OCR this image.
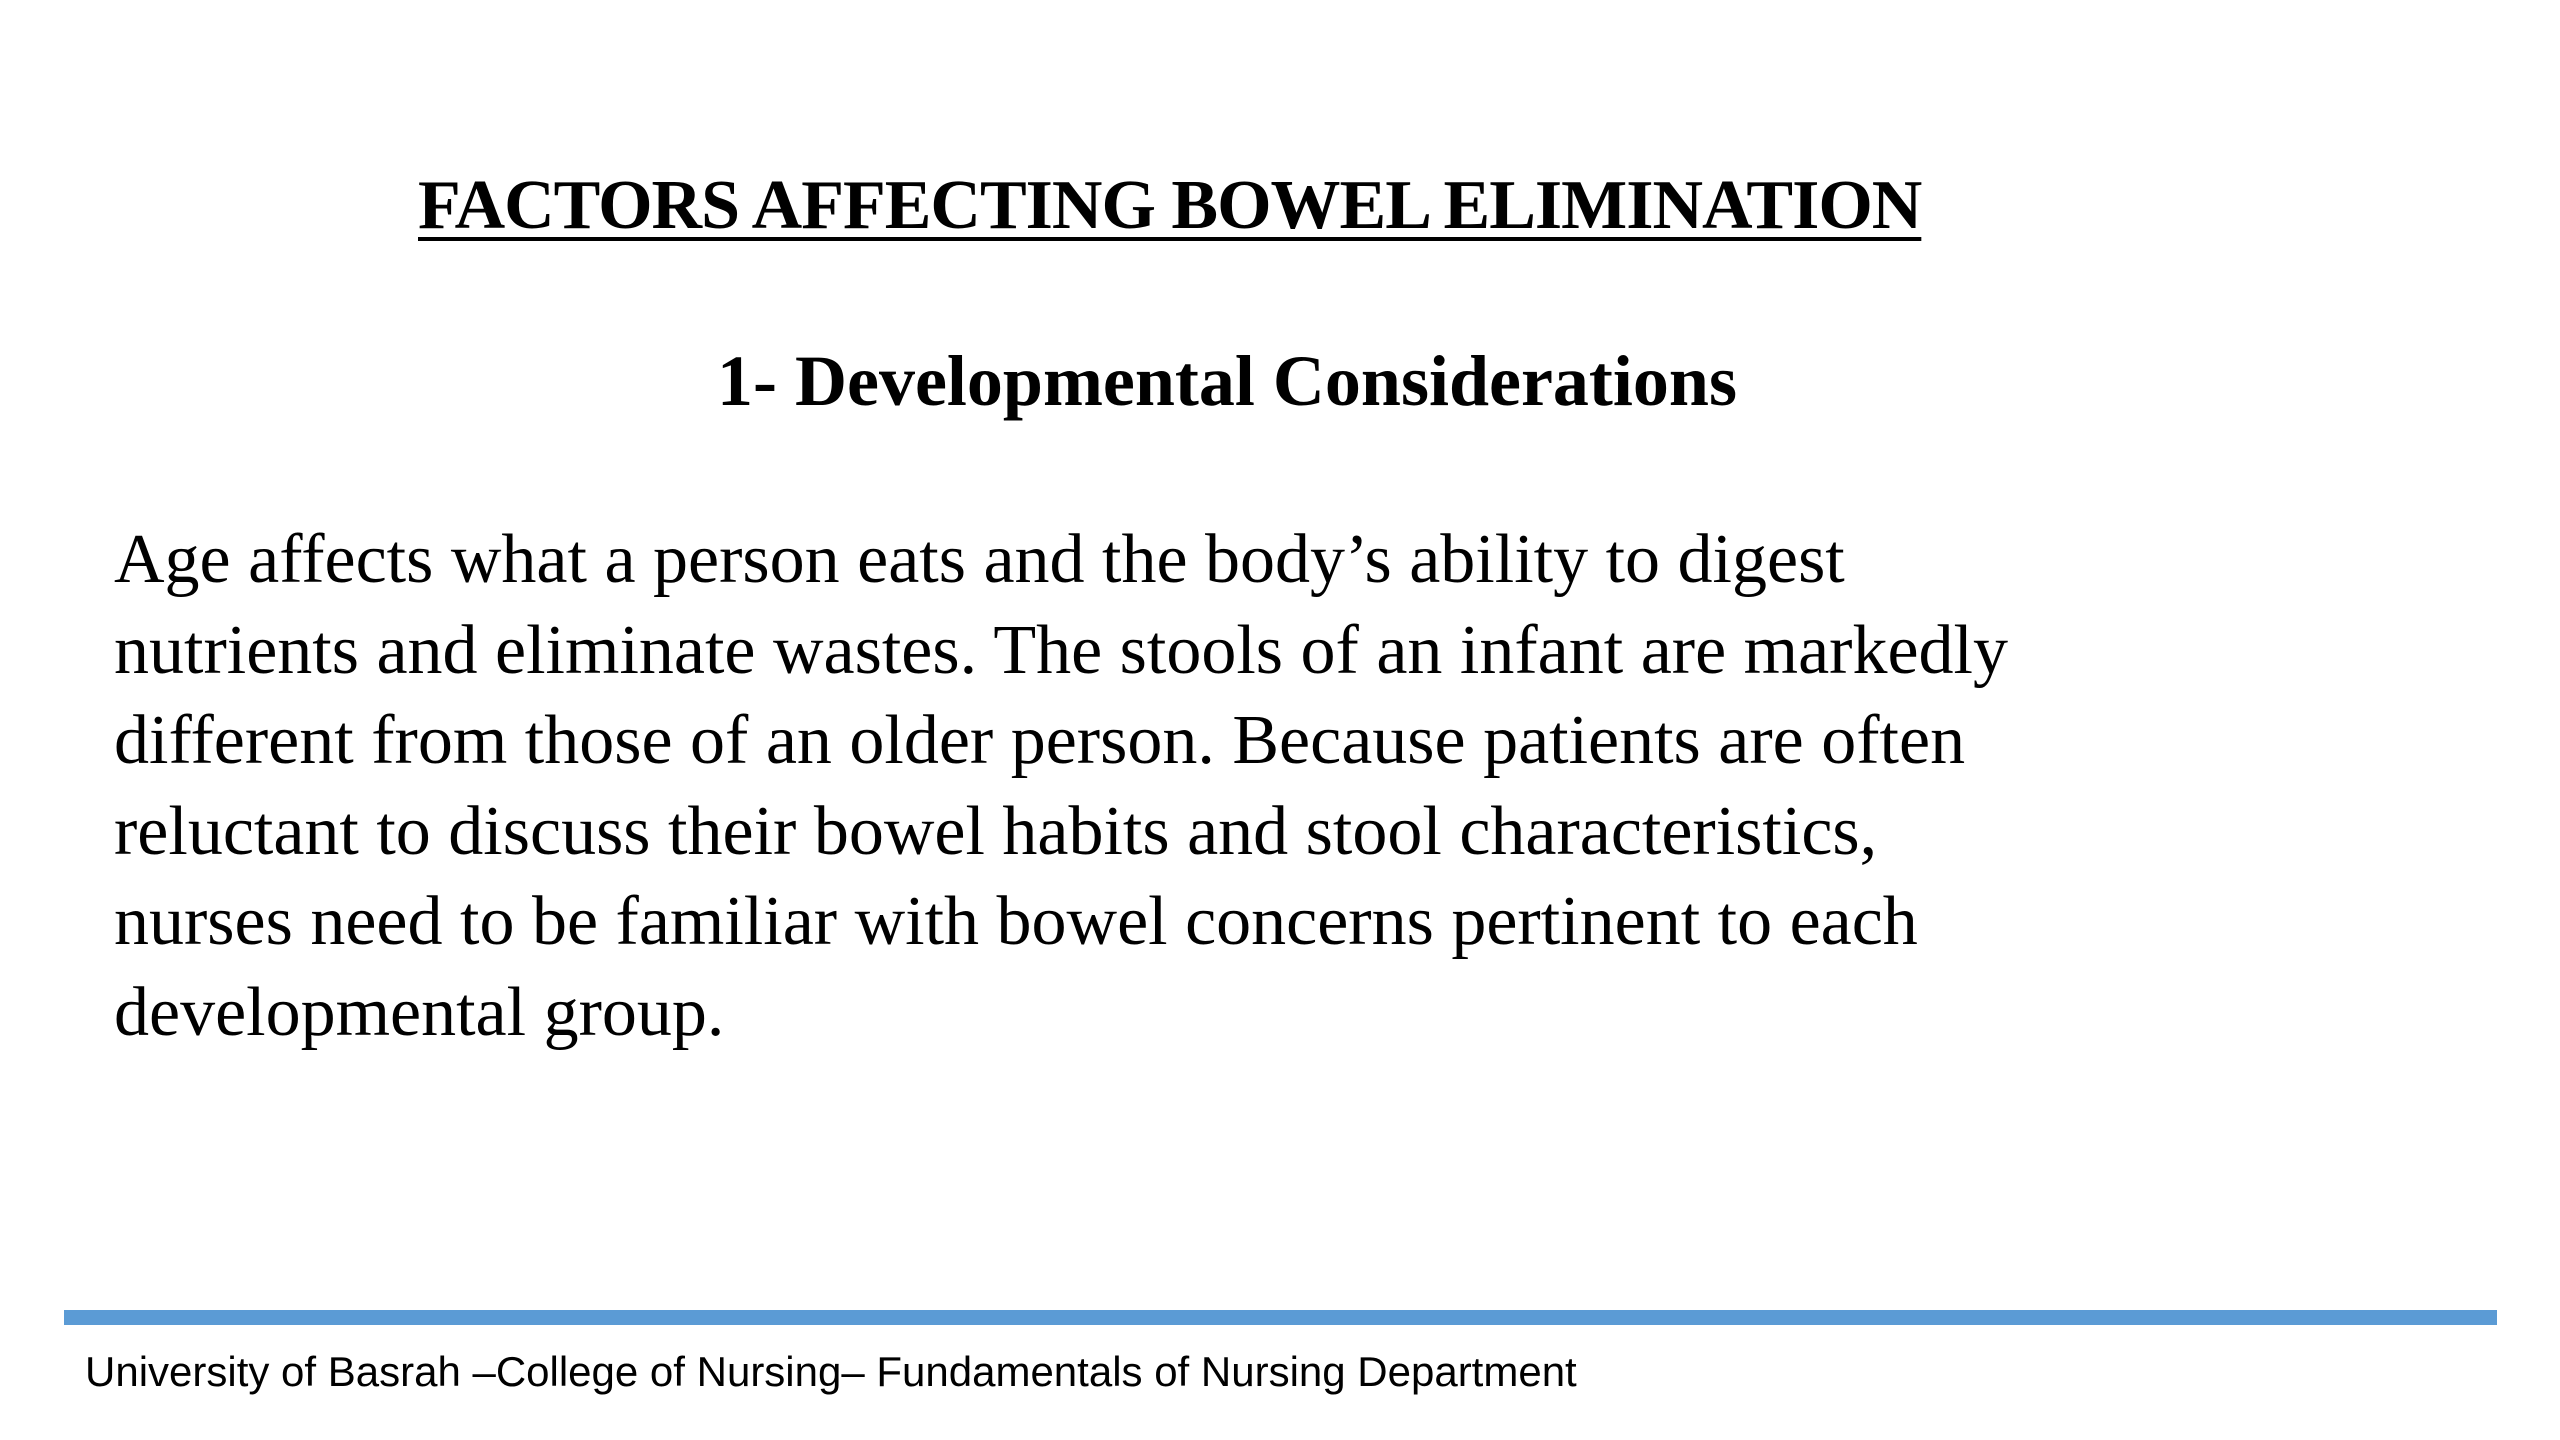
FACTORS AFFECTING BOWEL ELIMINATION
1- Developmental Considerations

Age affects what a person eats and the body’s ability to digest
nutrients and eliminate wastes. The stools of an infant are markedly
different from those of an older person. Because patients are often
reluctant to discuss their bowel habits and stool characteristics,
nurses need to be familiar with bowel concerns pertinent to each
developmental group.

University of Basrah –College of Nursing– Fundamentals of Nursing Department
